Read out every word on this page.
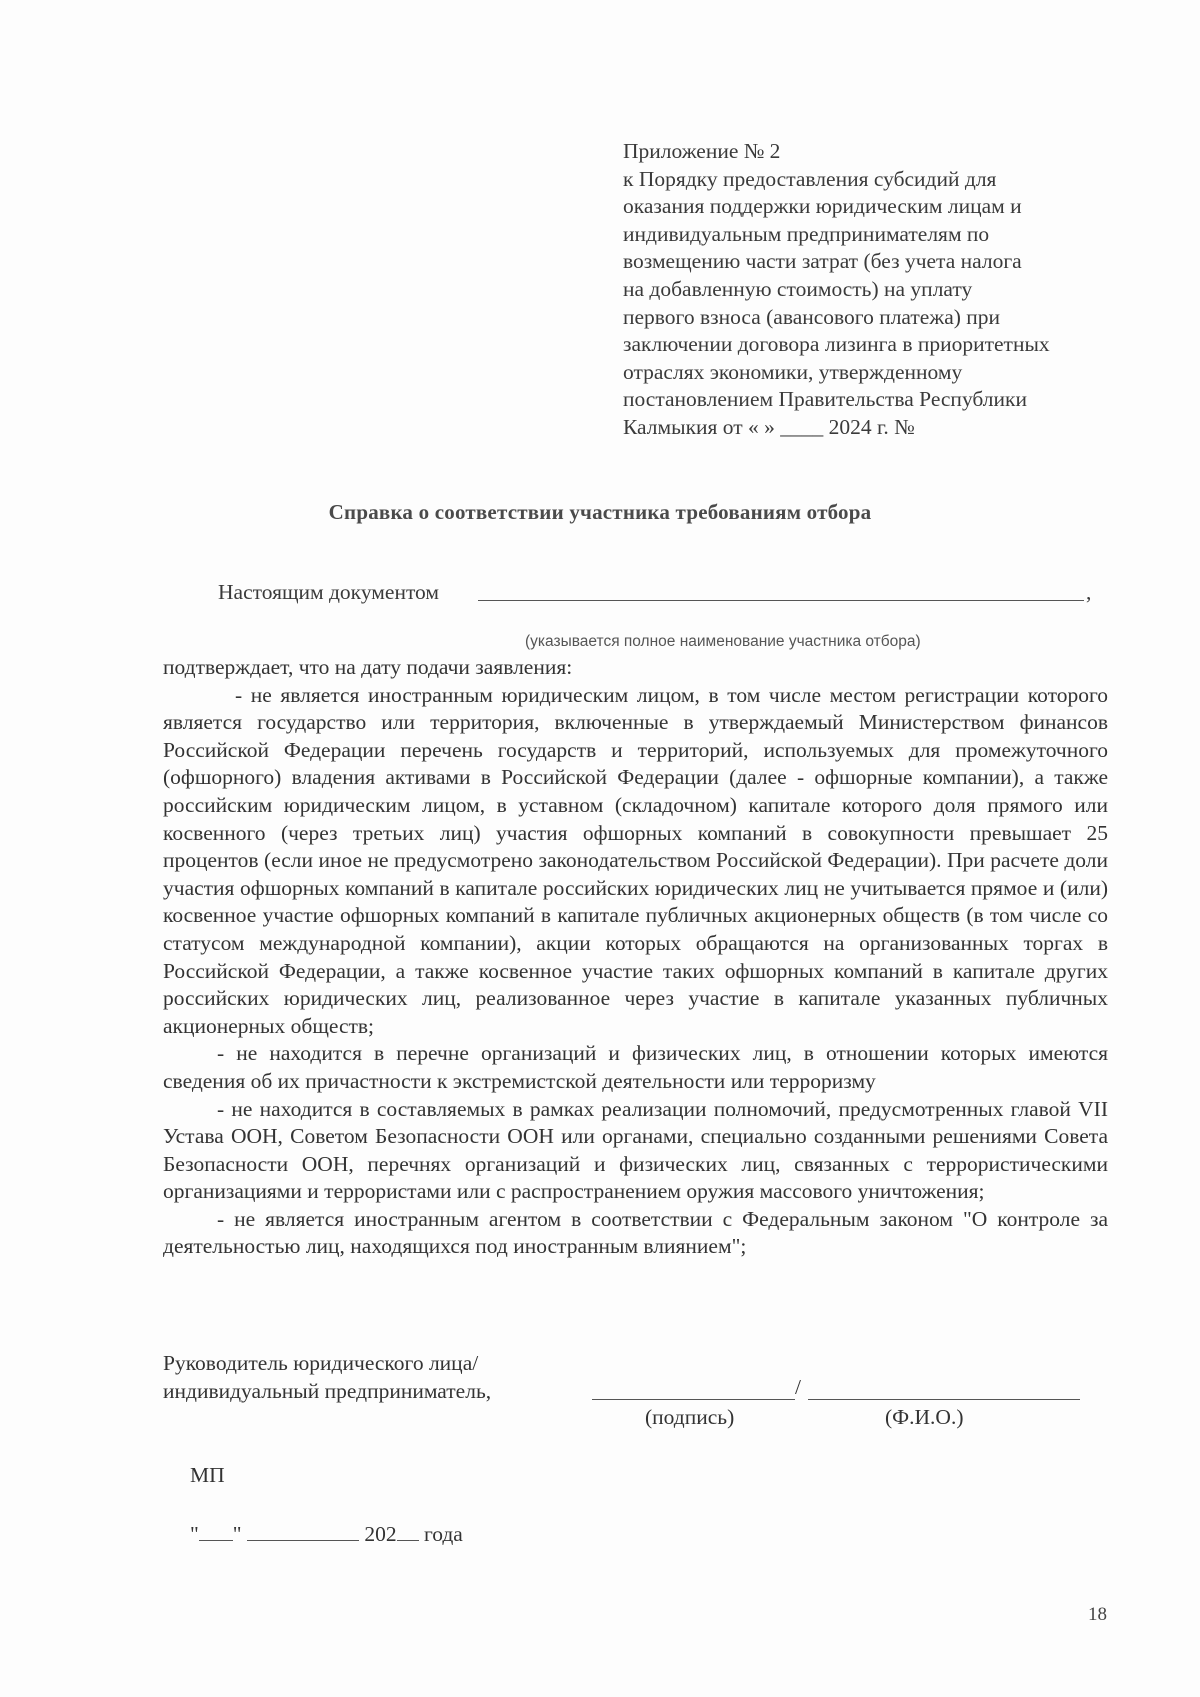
Приложение № 2
к Порядку предоставления субсидий для
оказания поддержки юридическим лицам и
индивидуальным предпринимателям по
возмещению части затрат (без учета налога
на добавленную стоимость) на уплату
первого взноса (авансового платежа) при
заключении договора лизинга в приоритетных
отраслях экономики, утвержденному
постановлением Правительства Республики
Калмыкия от « » ____ 2024 г. №
Справка о соответствии участника требованиям отбора
Настоящим документом	,
(указывается полное наименование участника отбора)

подтверждает, что на дату подачи заявления:

- не является иностранным юридическим лицом, в том числе местом регистрации которого является государство или территория, включенные в утверждаемый Министерством финансов Российской Федерации перечень государств и территорий, используемых для промежуточного (офшорного) владения активами в Российской Федерации (далее - офшорные компании), а также российским юридическим лицом, в уставном (складочном) капитале которого доля прямого или косвенного (через третьих лиц) участия офшорных компаний в совокупности превышает 25 процентов (если иное не предусмотрено законодательством Российской Федерации). При расчете доли участия офшорных компаний в капитале российских юридических лиц не учитывается прямое и (или) косвенное участие офшорных компаний в капитале публичных акционерных обществ (в том числе со статусом международной компании), акции которых обращаются на организованных торгах в Российской Федерации, а также косвенное участие таких офшорных компаний в капитале других российских юридических лиц, реализованное через участие в капитале указанных публичных акционерных обществ;

- не находится в перечне организаций и физических лиц, в отношении которых имеются сведения об их причастности к экстремистской деятельности или терроризму

- не находится в составляемых в рамках реализации полномочий, предусмотренных главой VII Устава ООН, Советом Безопасности ООН или органами, специально созданными решениями Совета Безопасности ООН, перечнях организаций и физических лиц, связанных с террористическими организациями и террористами или с распространением оружия массового уничтожения;

- не является иностранным агентом в соответствии с Федеральным законом "О контроле за деятельностью лиц, находящихся под иностранным влиянием";

Руководитель юридического лица/
индивидуальный предприниматель,	/
(подпись)	(Ф.И.О.)
МП
" "	202 года
18
